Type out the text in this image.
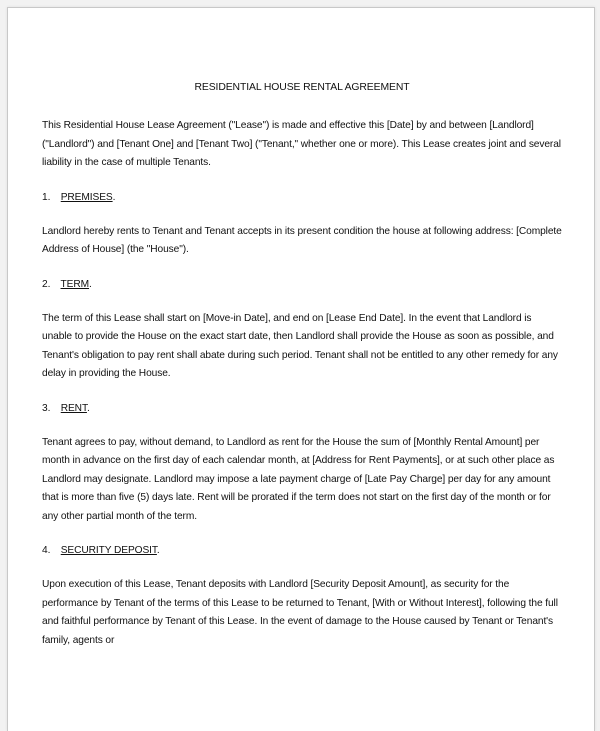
RESIDENTIAL HOUSE RENTAL AGREEMENT

This Residential House Lease Agreement ("Lease") is made and effective this [Date] by and between [Landlord] ("Landlord") and [Tenant One] and [Tenant Two] ("Tenant," whether one or more). This Lease creates joint and several liability in the case of multiple Tenants.

1. PREMISES.

Landlord hereby rents to Tenant and Tenant accepts in its present condition the house at following address: [Complete Address of House] (the "House").

2. TERM.

The term of this Lease shall start on [Move-in Date], and end on [Lease End Date]. In the event that Landlord is unable to provide the House on the exact start date, then Landlord shall provide the House as soon as possible, and Tenant's obligation to pay rent shall abate during such period. Tenant shall not be entitled to any other remedy for any delay in providing the House.

3. RENT.

Tenant agrees to pay, without demand, to Landlord as rent for the House the sum of [Monthly Rental Amount] per month in advance on the first day of each calendar month, at [Address for Rent Payments], or at such other place as Landlord may designate. Landlord may impose a late payment charge of [Late Pay Charge] per day for any amount that is more than five (5) days late. Rent will be prorated if the term does not start on the first day of the month or for any other partial month of the term.

4. SECURITY DEPOSIT.

Upon execution of this Lease, Tenant deposits with Landlord [Security Deposit Amount], as security for the performance by Tenant of the terms of this Lease to be returned to Tenant, [With or Without Interest], following the full and faithful performance by Tenant of this Lease. In the event of damage to the House caused by Tenant or Tenant's family, agents or
